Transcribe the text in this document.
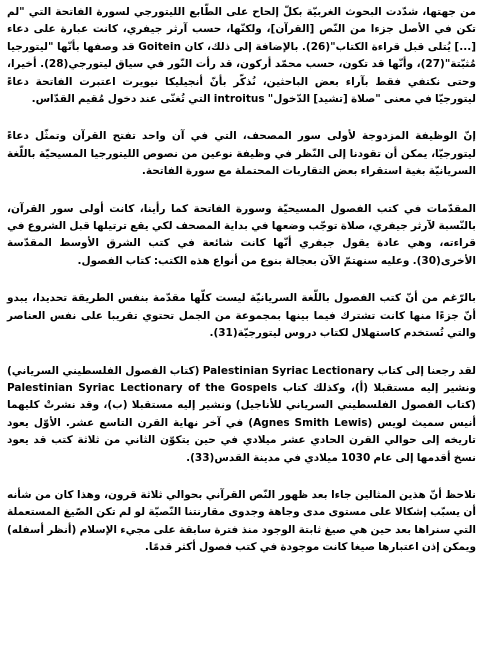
من جهتها، شدّدت البحوث الغربيّة بكلّ إلحاح على الطّابع الليتورجي لسورة الفاتحة التي "لم تكن في الأصل جزءا من النّص [القرآن]، ولكنّها، حسب آرثر جيفري، كانت عبارة على دعاء [...] يُتلى قبل قراءة الكتاب"(26). بالإضافة إلى ذلك، كان Goitein قد وصفها بأنّها "ليتورجيا مُثبّتة"(27)، وأنّها قد تكون، حسب محمّد أركون، قد رأت النّور في سياق ليتورجي(28). أخيرا، وحتى نكتفي فقط بآراء بعض الباحثين، نُذكّر بأنّ أنجيليكا نيويرت اعتبرت الفاتحة دعاءً ليتورجيّا في معنى "صلاة [تشيد] الدّخول" introitus التي تُغنّى عند دخول مُقيم القدّاس.

إنّ الوظيفة المزدوجة لأولى سور المصحف، التي في آن واحد تفتح القرآن وتمثّل دعاءً ليتورجيّا، يمكن أن تقودنا إلى النّظر في وظيفة نوعين من نصوص الليتورجيا المسيحيّة باللّغة السريانيّة بغية استقراء بعض التقاربات المحتملة مع سورة الفاتحة.

المقدّمات في كتب الفصول المسيحيّة وسورة الفاتحة كما رأينا، كانت أولى سور القرآن، بالنّسبة لآرثر جيفري، صلاة توجّب وضعها في بداية المصحف لكي يقع ترتيلها قبل الشروع في قراءته، وهي عادة يقول جيفري أنّها كانت شائعة في كتب الشرق الأوسط المقدّسة الأخرى(30). وعليه سنهتمّ الآن بعجالة بنوع من أنواع هذه الكتب: كتاب الفصول.

بالرّغم من أنّ كتب الفصول باللّغة السريانيّة ليست كلّها مقدّمة بنفس الطريقة تحديدا، يبدو أنّ جزءًا منها كانت تشترك فيما بينها بمجموعة من الجمل تحتوي تقريبا على نفس العناصر والتي تُستخدم كاستهلال لكتاب دروس ليتورجيّة(31).

لقد رجعنا إلى كتاب Palestinian Syriac Lectionary (كتاب الفصول الفلسطيني السرياني) ونشير إليه مستقبلا (أ)، وكذلك كتاب Palestinian Syriac Lectionary of the Gospels (كتاب الفصول الفلسطيني السرياني للأناجيل) ونشير إليه مستقبلا (ب)، وقد نشرتْ كليهما أنيس سميث لويس (Agnes Smith Lewis) في آخر نهاية القرن التاسع عشر. الأوّل يعود تاريخه إلى حوالي القرن الحادي عشر ميلادي في حين يتكوّن الثاني من ثلاثة كتب قد يعود نسخ أقدمها إلى عام 1030 ميلادي في مدينة القدس(33).

نلاحظ أنّ هذين المثالين جاءا بعد ظهور النّص القرآني بحوالي ثلاثة قرون، وهذا كان من شأنه أن يسبّب إشكالا على مستوى مدى وجاهة وجدوى مقارنتنا النّصيّة لو لم تكن الصّيغ المستعملة التي سنراها بعد حين هي صيغ ثابتة الوجود منذ فترة سابقة على مجيء الإسلام (أنظر أسفله) ويمكن إذن اعتبارها صيغا كانت موجودة في كتب فصول أكثر قدمًا.
